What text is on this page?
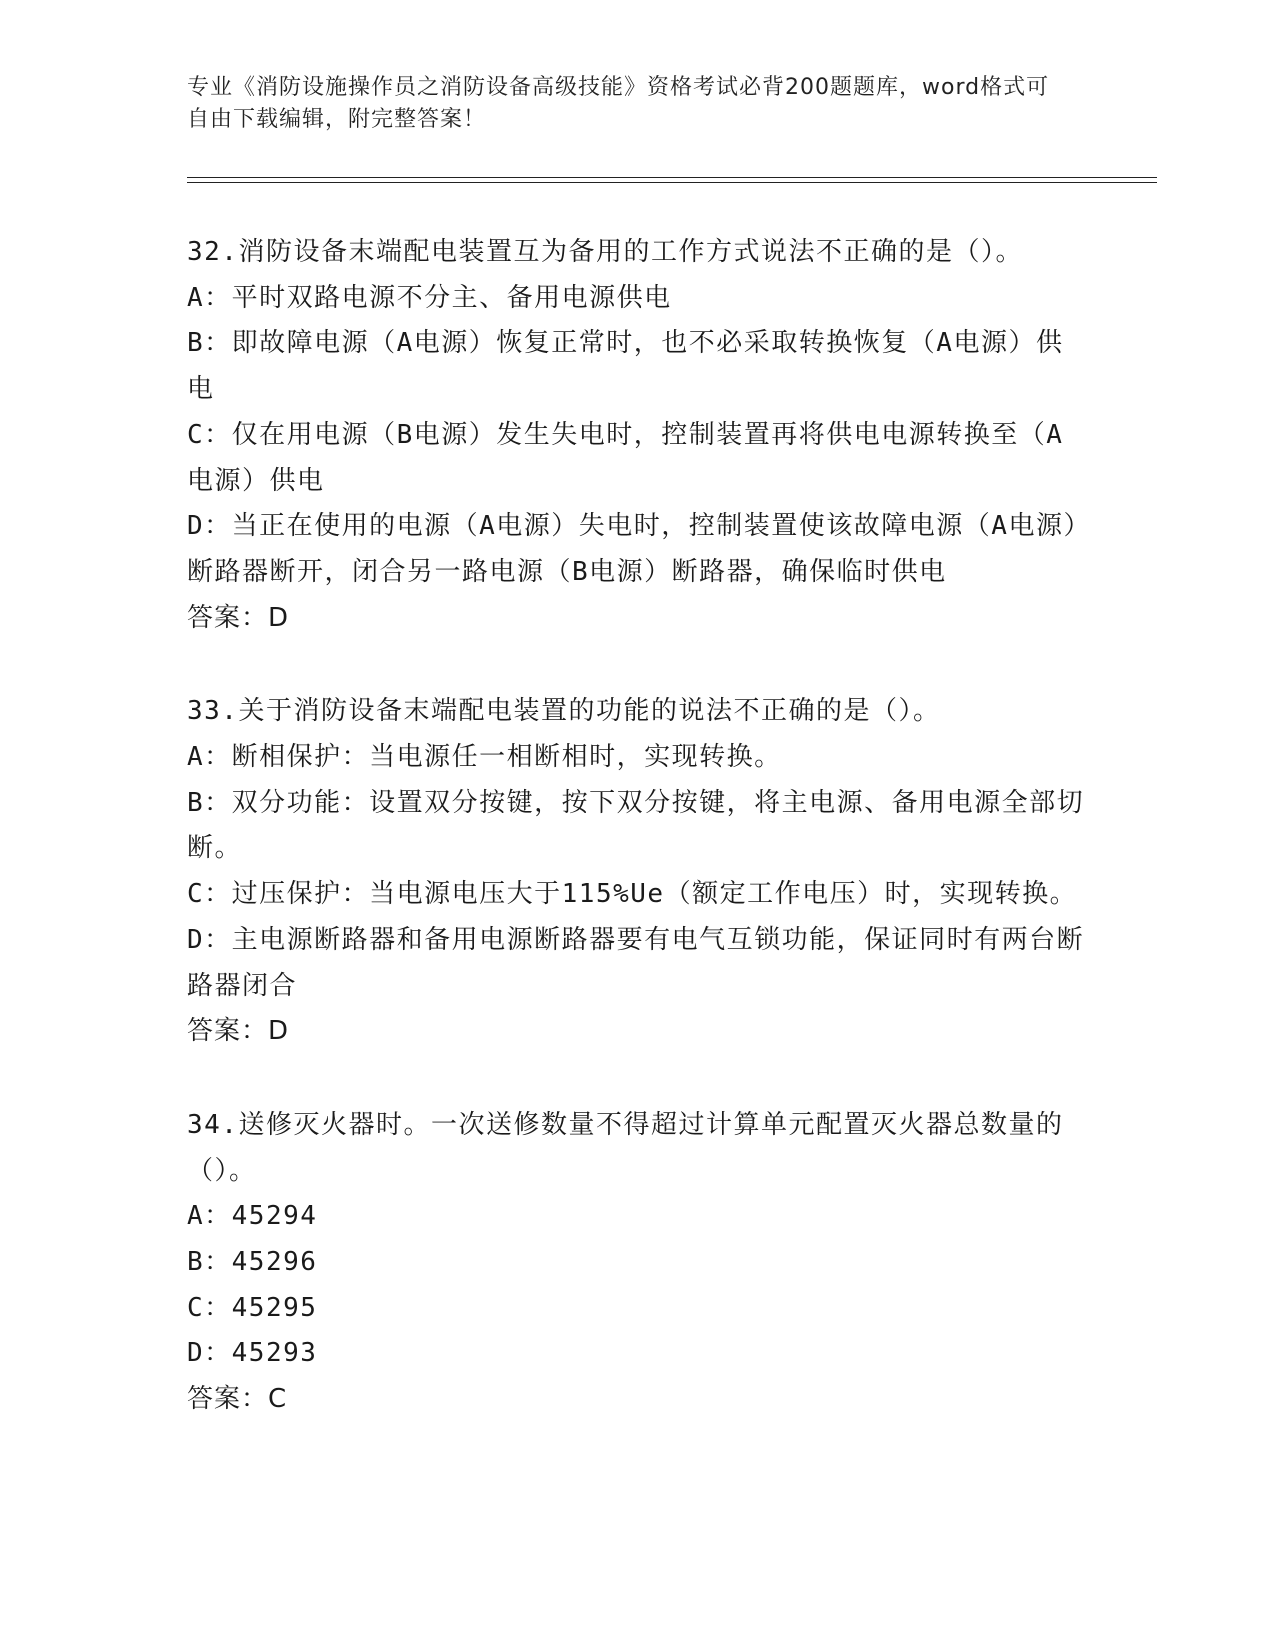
专业《消防设施操作员之消防设备高级技能》资格考试必背200题题库，word格式可自由下载编辑，附完整答案！

32.消防设备末端配电装置互为备用的工作方式说法不正确的是（）。

A：平时双路电源不分主、备用电源供电

B：即故障电源（A电源）恢复正常时，也不必采取转换恢复（A电源）供电

C：仅在用电源（B电源）发生失电时，控制装置再将供电电源转换至（A电源）供电

D：当正在使用的电源（A电源）失电时，控制装置使该故障电源（A电源）断路器断开，闭合另一路电源（B电源）断路器，确保临时供电

答案：D

33.关于消防设备末端配电装置的功能的说法不正确的是（）。

A：断相保护：当电源任一相断相时，实现转换。

B：双分功能：设置双分按键，按下双分按键，将主电源、备用电源全部切断。

C：过压保护：当电源电压大于115%Ue（额定工作电压）时，实现转换。

D：主电源断路器和备用电源断路器要有电气互锁功能，保证同时有两台断路器闭合

答案：D

34.送修灭火器时。一次送修数量不得超过计算单元配置灭火器总数量的（）。

A：45294

B：45296

C：45295

D：45293

答案：C
